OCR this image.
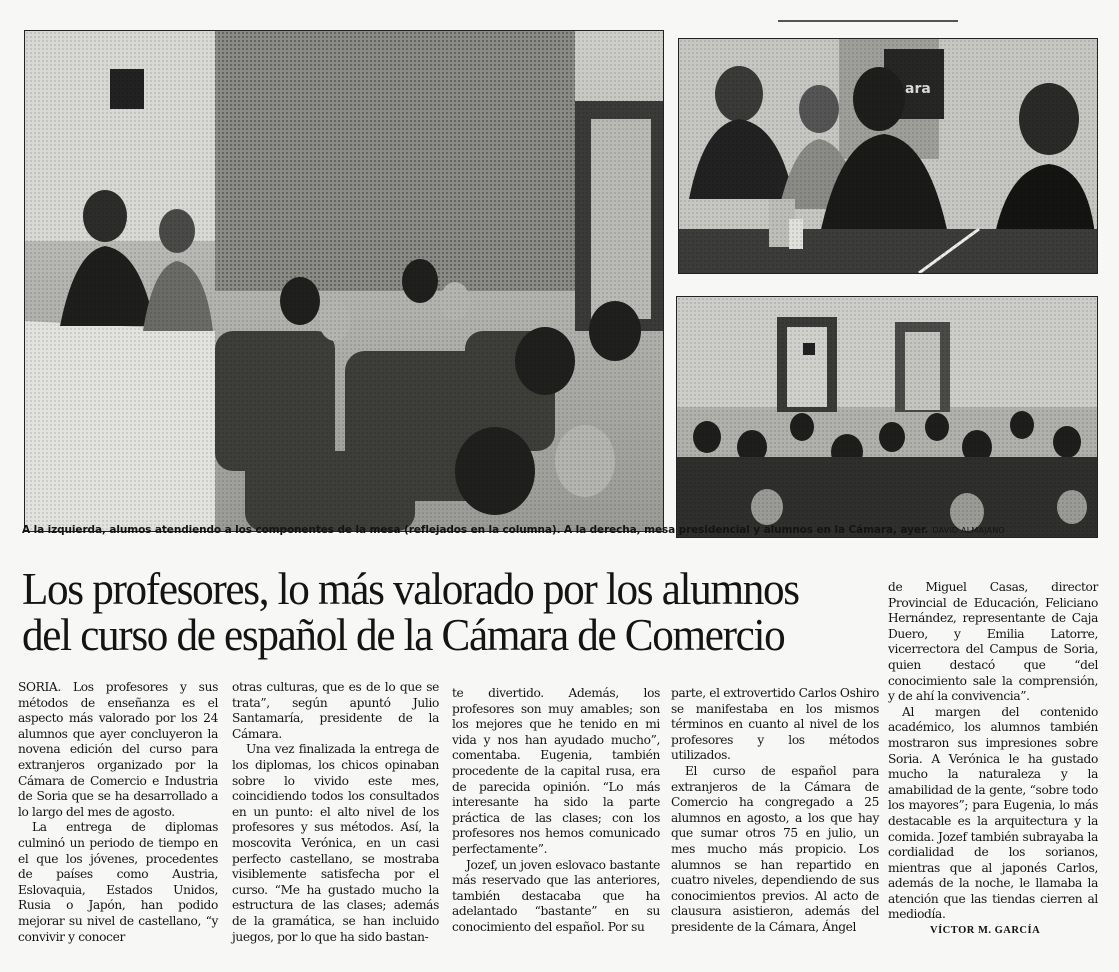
A la izquierda, alumos atendiendo a los componentes de la mesa (reflejados en la columna). A la derecha, mesa presidencial y alumnos en la Cámara, ayer. DAVID ALMAJANO
Los profesores, lo más valorado por los alumnos
del curso de español de la Cámara de Comercio

SORIA. Los profesores y sus métodos de enseñanza es el aspecto más valorado por los 24 alumnos que ayer concluyeron la novena edición del curso para extranjeros organizado por la Cámara de Comercio e Industria de Soria que se ha desarrollado a lo largo del mes de agosto.

La entrega de diplomas culminó un periodo de tiempo en el que los jóvenes, procedentes de países como Austria, Eslovaquia, Estados Unidos, Rusia o Japón, han podido mejorar su nivel de castellano, “y convivir y conocer

otras culturas, que es de lo que se trata”, según apuntó Julio Santamaría, presidente de la Cámara.

Una vez finalizada la entrega de los diplomas, los chicos opinaban sobre lo vivido este mes, coincidiendo todos los consultados en un punto: el alto nivel de los profesores y sus métodos. Así, la moscovita Verónica, en un casi perfecto castellano, se mostraba visiblemente satisfecha por el curso. “Me ha gustado mucho la estructura de las clases; además de la gramática, se han incluido juegos, por lo que ha sido bastan-

te divertido. Además, los profesores son muy amables; son los mejores que he tenido en mi vida y nos han ayudado mucho”, comentaba. Eugenia, también procedente de la capital rusa, era de parecida opinión. “Lo más interesante ha sido la parte práctica de las clases; con los profesores nos hemos comunicado perfectamente”.

Jozef, un joven eslovaco bastante más reservado que las anteriores, también destacaba que ha adelantado “bastante” en su conocimiento del español. Por su

parte, el extrovertido Carlos Oshiro se manifestaba en los mismos términos en cuanto al nivel de los profesores y los métodos utilizados.

El curso de español para extranjeros de la Cámara de Comercio ha congregado a 25 alumnos en agosto, a los que hay que sumar otros 75 en julio, un mes mucho más propicio. Los alumnos se han repartido en cuatro niveles, dependiendo de sus conocimientos previos. Al acto de clausura asistieron, además del presidente de la Cámara, Ángel

de Miguel Casas, director Provincial de Educación, Feliciano Hernández, representante de Caja Duero, y Emilia Latorre, vicerrectora del Campus de Soria, quien destacó que “del conocimiento sale la comprensión, y de ahí la convivencia”.

Al margen del contenido académico, los alumnos también mostraron sus impresiones sobre Soria. A Verónica le ha gustado mucho la naturaleza y la amabilidad de la gente, “sobre todo los mayores”; para Eugenia, lo más destacable es la arquitectura y la comida. Jozef también subrayaba la cordialidad de los sorianos, mientras que al japonés Carlos, además de la noche, le llamaba la atención que las tiendas cierren al mediodía.

VÍCTOR M. GARCÍA
